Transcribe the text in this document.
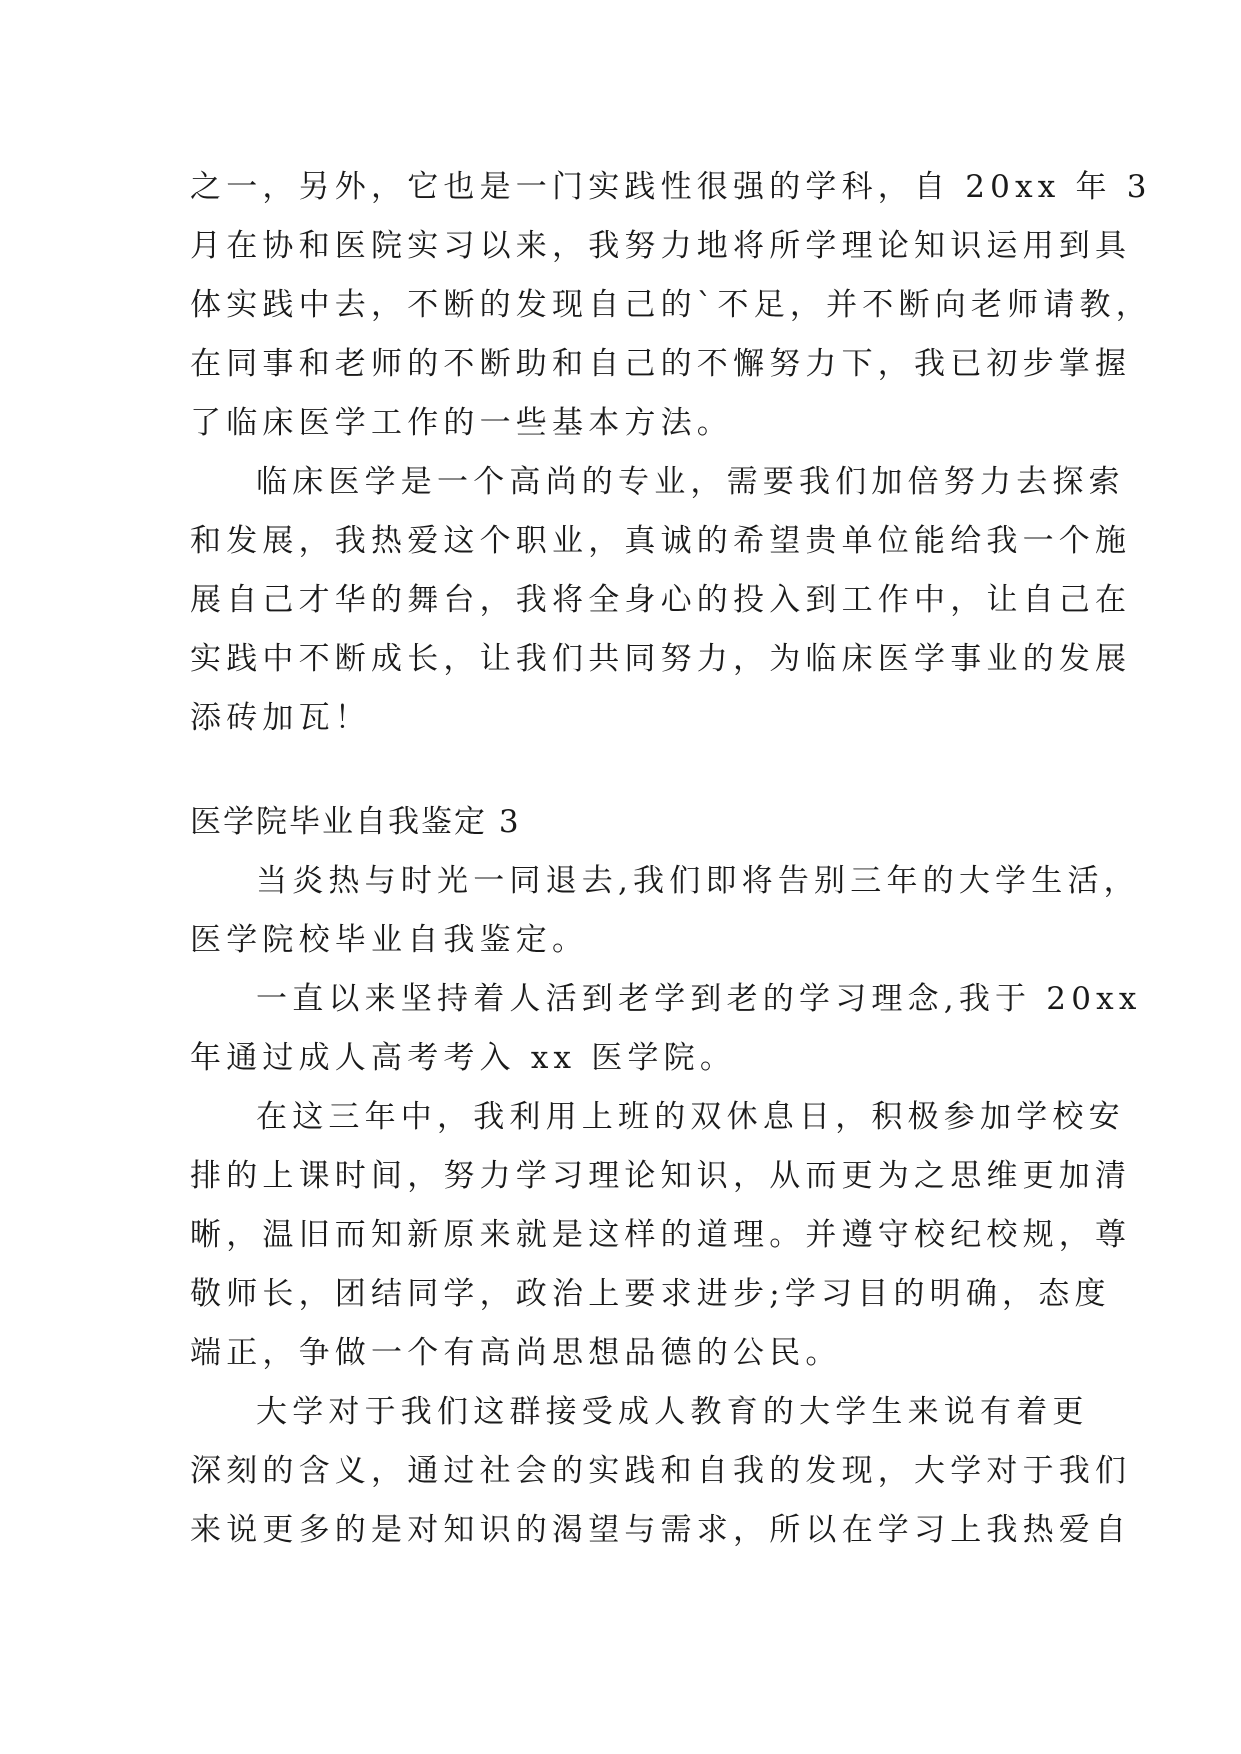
之一，另外，它也是一门实践性很强的学科，自 20xx 年 3
月在协和医院实习以来，我努力地将所学理论知识运用到具
体实践中去，不断的发现自己的`不足，并不断向老师请教，
在同事和老师的不断助和自己的不懈努力下，我已初步掌握
了临床医学工作的一些基本方法。
临床医学是一个高尚的专业，需要我们加倍努力去探索
和发展，我热爱这个职业，真诚的希望贵单位能给我一个施
展自己才华的舞台，我将全身心的投入到工作中，让自己在
实践中不断成长，让我们共同努力，为临床医学事业的发展
添砖加瓦！
医学院毕业自我鉴定 3
当炎热与时光一同退去,我们即将告别三年的大学生活，
医学院校毕业自我鉴定。
一直以来坚持着人活到老学到老的学习理念,我于 20xx
年通过成人高考考入 xx 医学院。
在这三年中，我利用上班的双休息日，积极参加学校安
排的上课时间，努力学习理论知识，从而更为之思维更加清
晰，温旧而知新原来就是这样的道理。并遵守校纪校规，尊
敬师长，团结同学，政治上要求进步;学习目的明确，态度
端正，争做一个有高尚思想品德的公民。
大学对于我们这群接受成人教育的大学生来说有着更
深刻的含义，通过社会的实践和自我的发现，大学对于我们
来说更多的是对知识的渴望与需求，所以在学习上我热爱自
